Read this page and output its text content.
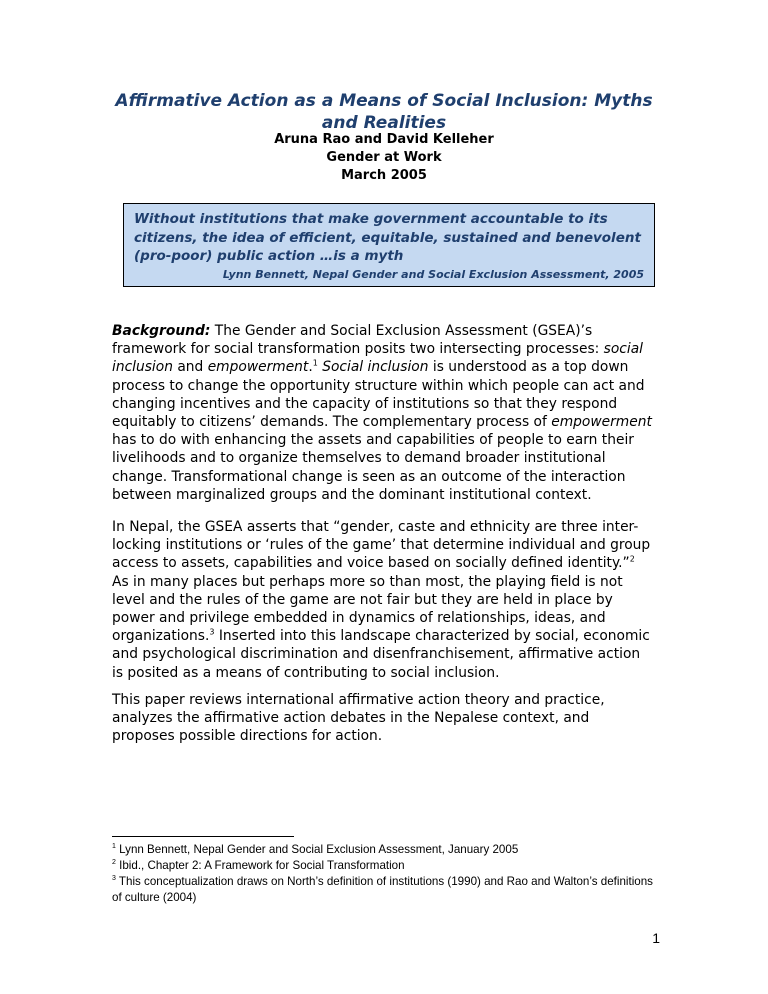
Affirmative Action as a Means of Social Inclusion: Myths and Realities
Aruna Rao and David Kelleher
Gender at Work
March 2005
Without institutions that make government accountable to its citizens, the idea of efficient, equitable, sustained and benevolent (pro-poor) public action …is a myth
Lynn Bennett, Nepal Gender and Social Exclusion Assessment, 2005
Background: The Gender and Social Exclusion Assessment (GSEA)’s framework for social transformation posits two intersecting processes: social inclusion and empowerment.$^1$ Social inclusion is understood as a top down process to change the opportunity structure within which people can act and changing incentives and the capacity of institutions so that they respond equitably to citizens’ demands. The complementary process of empowerment has to do with enhancing the assets and capabilities of people to earn their livelihoods and to organize themselves to demand broader institutional change. Transformational change is seen as an outcome of the interaction between marginalized groups and the dominant institutional context.
In Nepal, the GSEA asserts that “gender, caste and ethnicity are three inter-locking institutions or ‘rules of the game’ that determine individual and group access to assets, capabilities and voice based on socially defined identity.”$^2$ As in many places but perhaps more so than most, the playing field is not level and the rules of the game are not fair but they are held in place by power and privilege embedded in dynamics of relationships, ideas, and organizations.$^3$ Inserted into this landscape characterized by social, economic and psychological discrimination and disenfranchisement, affirmative action is posited as a means of contributing to social inclusion.
This paper reviews international affirmative action theory and practice, analyzes the affirmative action debates in the Nepalese context, and proposes possible directions for action.
$^1$ Lynn Bennett, Nepal Gender and Social Exclusion Assessment, January 2005
$^2$ Ibid., Chapter 2: A Framework for Social Transformation
$^3$ This conceptualization draws on North’s definition of institutions (1990) and Rao and Walton’s definitions of culture (2004)
1
